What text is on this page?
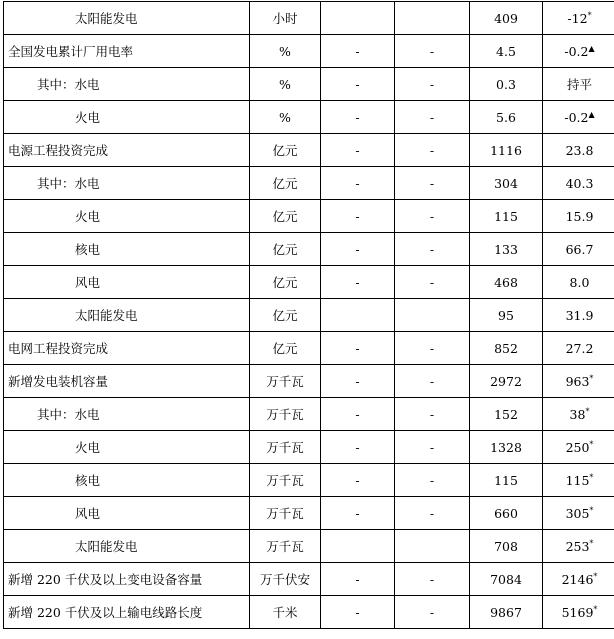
太阳能发电	小时			409	-12*
全国发电累计厂用电率	%	-	-	4.5	-0.2▲
其中：水电	%	-	-	0.3	持平
火电	%	-	-	5.6	-0.2▲
电源工程投资完成	亿元	-	-	1116	23.8
其中：水电	亿元	-	-	304	40.3
火电	亿元	-	-	115	15.9
核电	亿元	-	-	133	66.7
风电	亿元	-	-	468	8.0
太阳能发电	亿元			95	31.9
电网工程投资完成	亿元	-	-	852	27.2
新增发电装机容量	万千瓦	-	-	2972	963*
其中：水电	万千瓦	-	-	152	38*
火电	万千瓦	-	-	1328	250*
核电	万千瓦	-	-	115	115*
风电	万千瓦	-	-	660	305*
太阳能发电	万千瓦			708	253*
新增 220 千伏及以上变电设备容量	万千伏安	-	-	7084	2146*
新增 220 千伏及以上输电线路长度	千米	-	-	9867	5169*
